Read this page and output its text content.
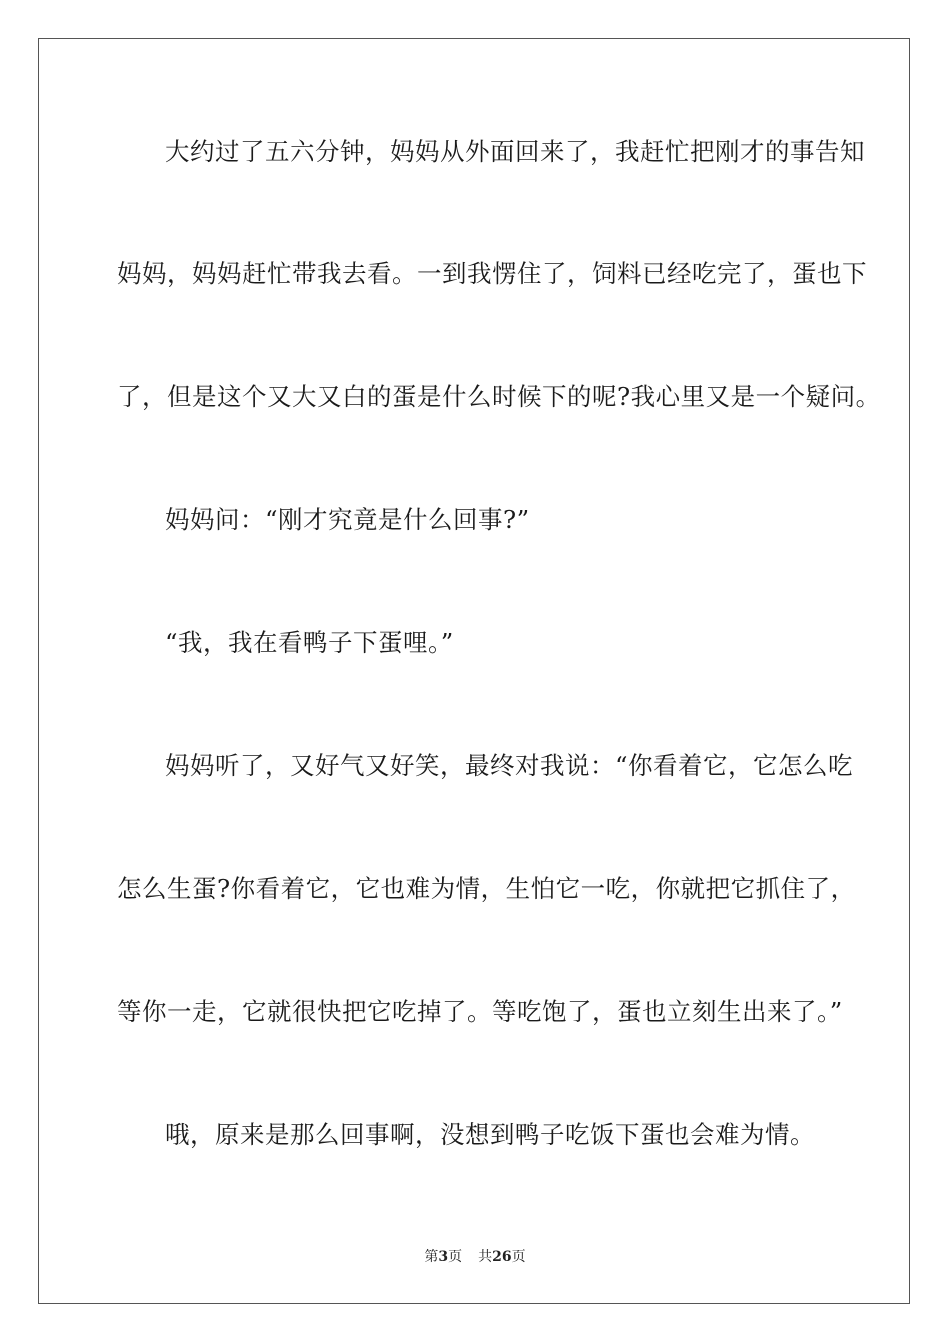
大约过了五六分钟，妈妈从外面回来了，我赶忙把刚才的事告知
妈妈，妈妈赶忙带我去看。一到我愣住了，饲料已经吃完了，蛋也下
了，但是这个又大又白的蛋是什么时候下的呢?我心里又是一个疑问。
妈妈问：“刚才究竟是什么回事?”
“我，我在看鸭子下蛋哩。”
妈妈听了，又好气又好笑，最终对我说：“你看着它，它怎么吃
怎么生蛋?你看着它，它也难为情，生怕它一吃，你就把它抓住了，
等你一走，它就很快把它吃掉了。等吃饱了，蛋也立刻生出来了。”
哦，原来是那么回事啊，没想到鸭子吃饭下蛋也会难为情。
第3页 共26页
